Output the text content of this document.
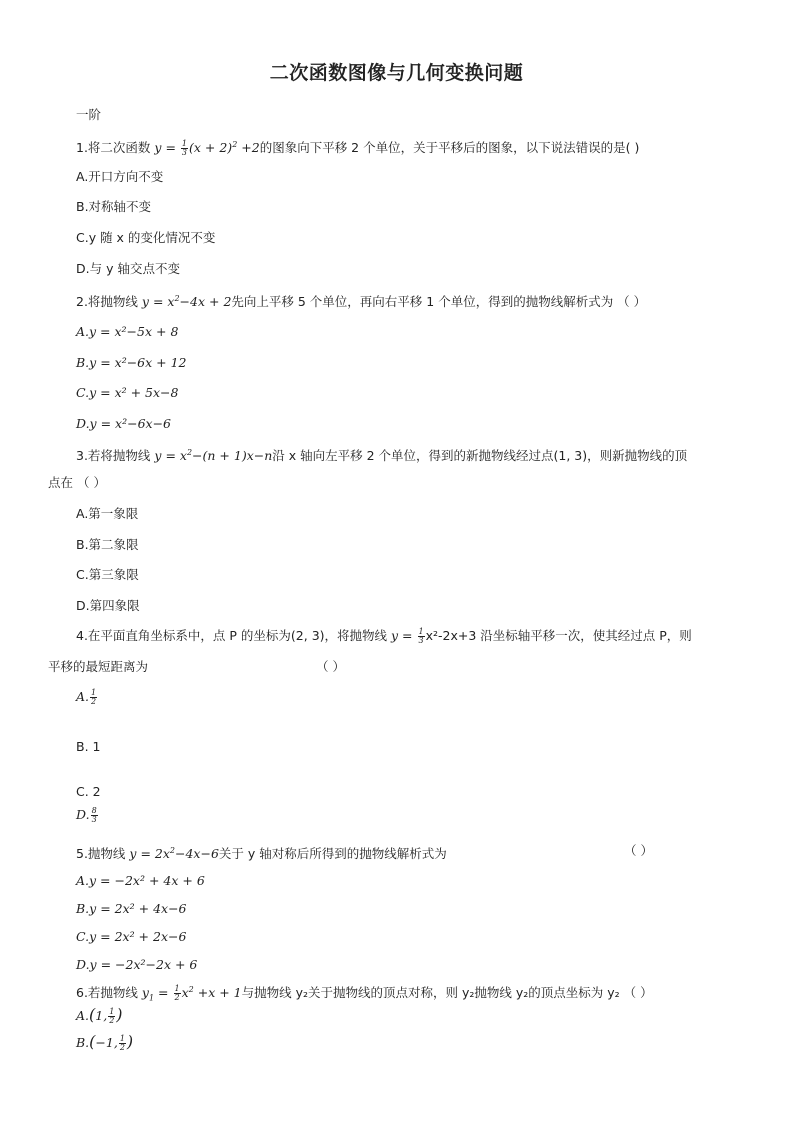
二次函数图像与几何变换问题
一阶
1.将二次函数 $y = \frac{1}{3} (x + 2)^2 +2$的图象向下平移 2 个单位，关于平移后的图象，以下说法错误的是( )
A.开口方向不变
B.对称轴不变
C.y 随 x 的变化情况不变
D.与 y 轴交点不变
2.将抛物线 $y = x^2-4x + 2$先向上平移 5 个单位，再向右平移 1 个单位，得到的抛物线解析式为 （ ）
A.y = x²−5x + 8
B.y = x²−6x + 12
C.y = x² + 5x−8
D.y = x²−6x−6
3.若将抛物线 $y = x^2-(n + 1)x-n$沿 x 轴向左平移 2 个单位，得到的新抛物线经过点(1, 3)，则新抛物线的顶
点在 （ ）
A.第一象限
B.第二象限
C.第三象限
D.第四象限
4.在平面直角坐标系中，点 P 的坐标为(2, 3)，将抛物线 $y = \frac{1}{3} x^2-2x+3$ 沿坐标轴平移一次，使其经过点 P，则
平移的最短距离为	（ ）
A. $\frac{1}{2}$
B. 1
C. 2
D. $\frac{8}{3}$
5.抛物线 $y = 2x^2-4x-6$关于 y 轴对称后所得到的抛物线解析式为	（ ）
A.y = −2x² + 4x + 6
B.y = 2x² + 4x−6
C.y = 2x² + 2x−6
D.y = −2x²−2x + 6
6.若抛物线 $y_1 = \frac{1}{2} x^2 +x + 1$与抛物线 y₂关于抛物线的顶点对称，则 y₂抛物线 y₂的顶点坐标为 y₂ （ ）
A.(1, $\frac{1}{2}$ )
B.(−1, $\frac{1}{2}$ )
